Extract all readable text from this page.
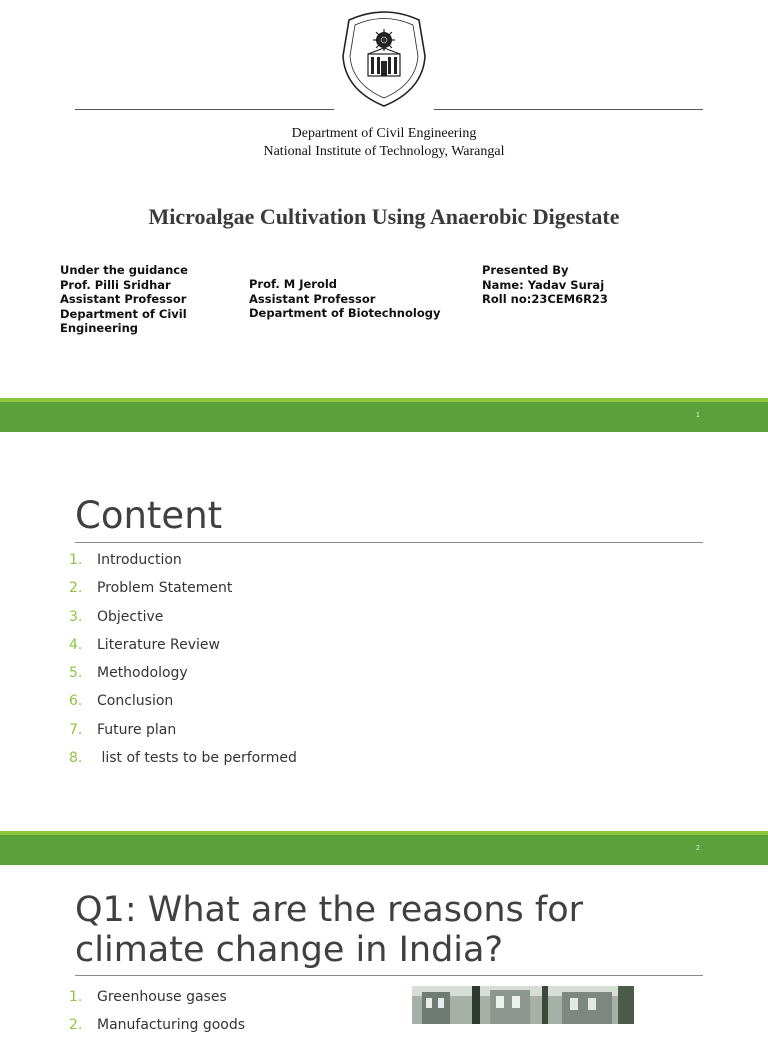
Department of Civil Engineering
National Institute of Technology, Warangal
Microalgae Cultivation Using Anaerobic Digestate
Under the guidance
Prof. Pilli Sridhar
Assistant Professor
Department of Civil
Engineering
Prof. M Jerold
Assistant Professor
Department of Biotechnology
Presented By
Name: Yadav Suraj
Roll no:23CEM6R23
1
Content
1. Introduction
2. Problem Statement
3. Objective
4. Literature Review
5. Methodology
6. Conclusion
7. Future plan
8. list of tests to be performed
2
Q1: What are the reasons for
climate change in India?
1. Greenhouse gases
2. Manufacturing goods
